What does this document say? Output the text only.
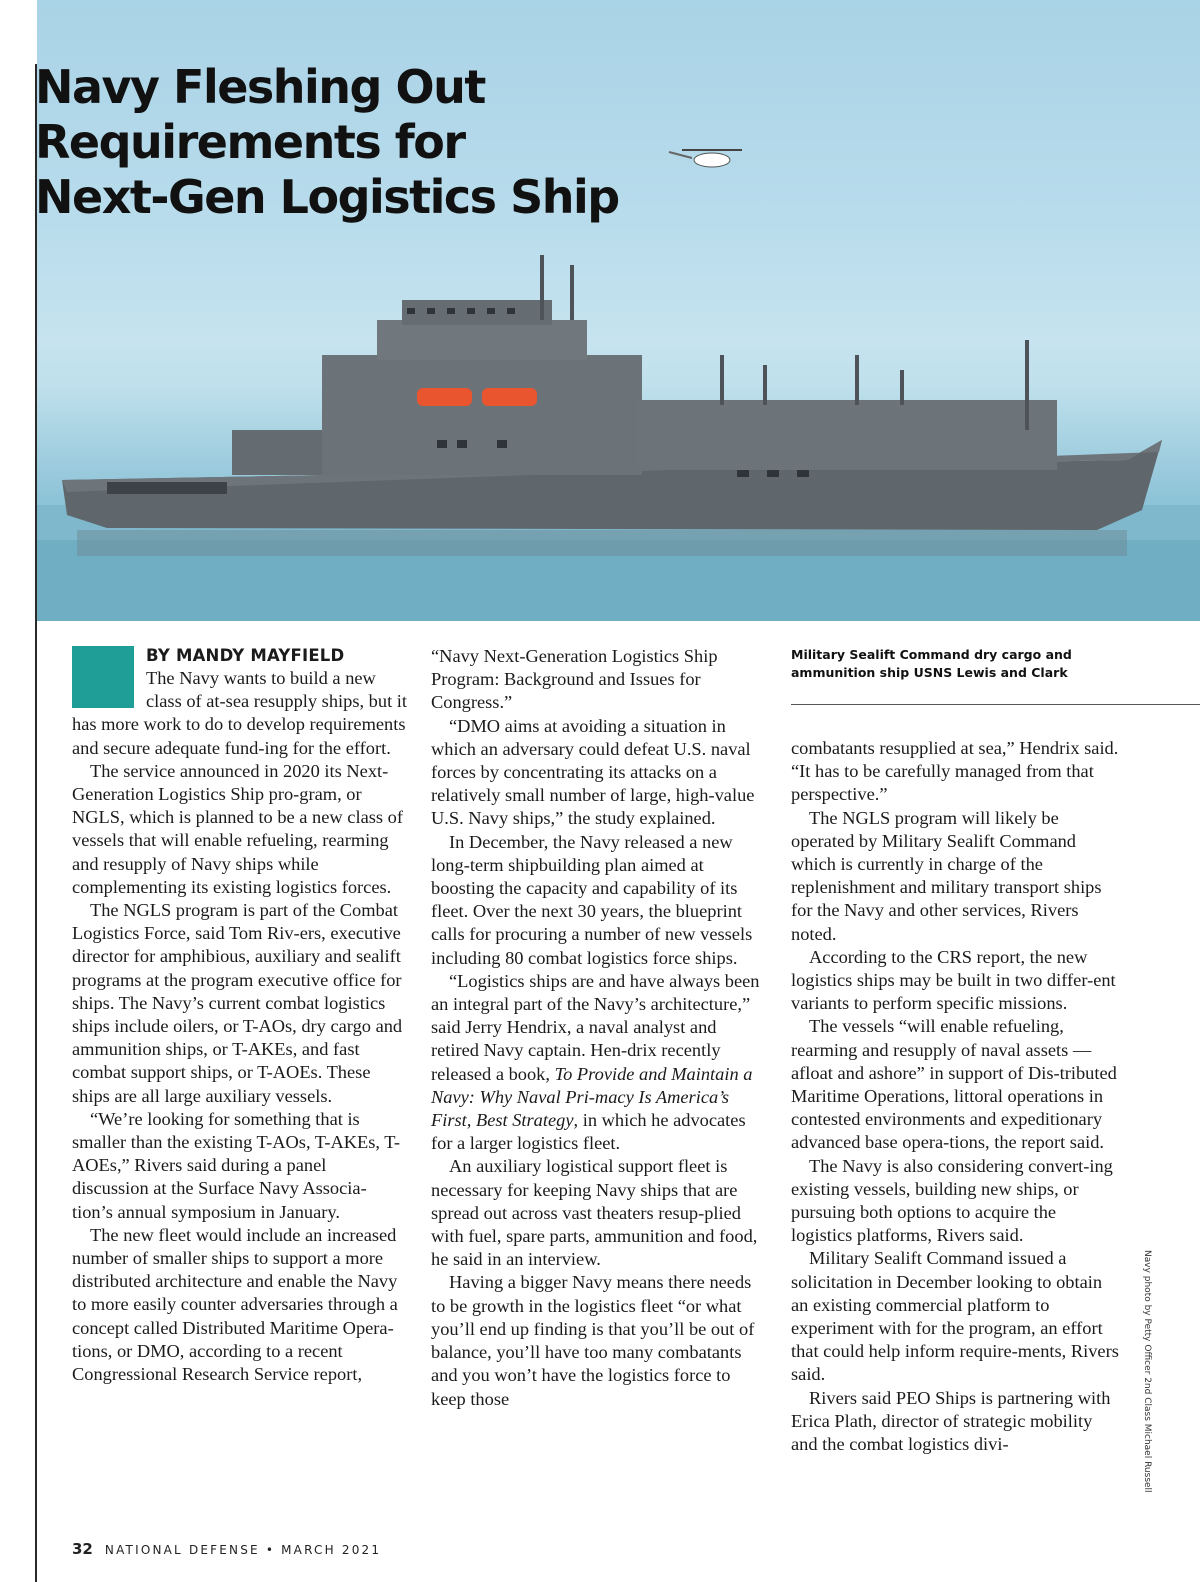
Navy Fleshing Out
Requirements for
Next-Gen Logistics Ship
BY MANDY MAYFIELD

The Navy wants to build a new class of at-sea resupply ships, but it has more work to do to develop requirements and secure adequate fund-ing for the effort.

The service announced in 2020 its Next-Generation Logistics Ship pro-gram, or NGLS, which is planned to be a new class of vessels that will enable refueling, rearming and resupply of Navy ships while complementing its existing logistics forces.

The NGLS program is part of the Combat Logistics Force, said Tom Riv-ers, executive director for amphibious, auxiliary and sealift programs at the program executive office for ships. The Navy’s current combat logistics ships include oilers, or T-AOs, dry cargo and ammunition ships, or T-AKEs, and fast combat support ships, or T-AOEs. These ships are all large auxiliary vessels.

“We’re looking for something that is smaller than the existing T-AOs, T-AKEs, T-AOEs,” Rivers said during a panel discussion at the Surface Navy Associa-tion’s annual symposium in January.

The new fleet would include an increased number of smaller ships to support a more distributed architecture and enable the Navy to more easily counter adversaries through a concept called Distributed Maritime Opera-tions, or DMO, according to a recent Congressional Research Service report,

“Navy Next-Generation Logistics Ship Program: Background and Issues for Congress.”

“DMO aims at avoiding a situation in which an adversary could defeat U.S. naval forces by concentrating its attacks on a relatively small number of large, high-value U.S. Navy ships,” the study explained.

In December, the Navy released a new long-term shipbuilding plan aimed at boosting the capacity and capability of its fleet. Over the next 30 years, the blueprint calls for procuring a number of new vessels including 80 combat logistics force ships.

“Logistics ships are and have always been an integral part of the Navy’s architecture,” said Jerry Hendrix, a naval analyst and retired Navy captain. Hen-drix recently released a book, To Provide and Maintain a Navy: Why Naval Pri-macy Is America’s First, Best Strategy, in which he advocates for a larger logistics fleet.

An auxiliary logistical support fleet is necessary for keeping Navy ships that are spread out across vast theaters resup-plied with fuel, spare parts, ammunition and food, he said in an interview.

Having a bigger Navy means there needs to be growth in the logistics fleet “or what you’ll end up finding is that you’ll be out of balance, you’ll have too many combatants and you won’t have the logistics force to keep those

Military Sealift Command dry cargo and ammunition ship USNS Lewis and Clark

combatants resupplied at sea,” Hendrix said. “It has to be carefully managed from that perspective.”

The NGLS program will likely be operated by Military Sealift Command which is currently in charge of the replenishment and military transport ships for the Navy and other services, Rivers noted.

According to the CRS report, the new logistics ships may be built in two differ-ent variants to perform specific missions.

The vessels “will enable refueling, rearming and resupply of naval assets — afloat and ashore” in support of Dis-tributed Maritime Operations, littoral operations in contested environments and expeditionary advanced base opera-tions, the report said.

The Navy is also considering convert-ing existing vessels, building new ships, or pursuing both options to acquire the logistics platforms, Rivers said.

Military Sealift Command issued a solicitation in December looking to obtain an existing commercial platform to experiment with for the program, an effort that could help inform require-ments, Rivers said.

Rivers said PEO Ships is partnering with Erica Plath, director of strategic mobility and the combat logistics divi-	Navy photo by Petty Officer 2nd Class Michael Russell
32 NATIONAL DEFENSE • MARCH 2021
